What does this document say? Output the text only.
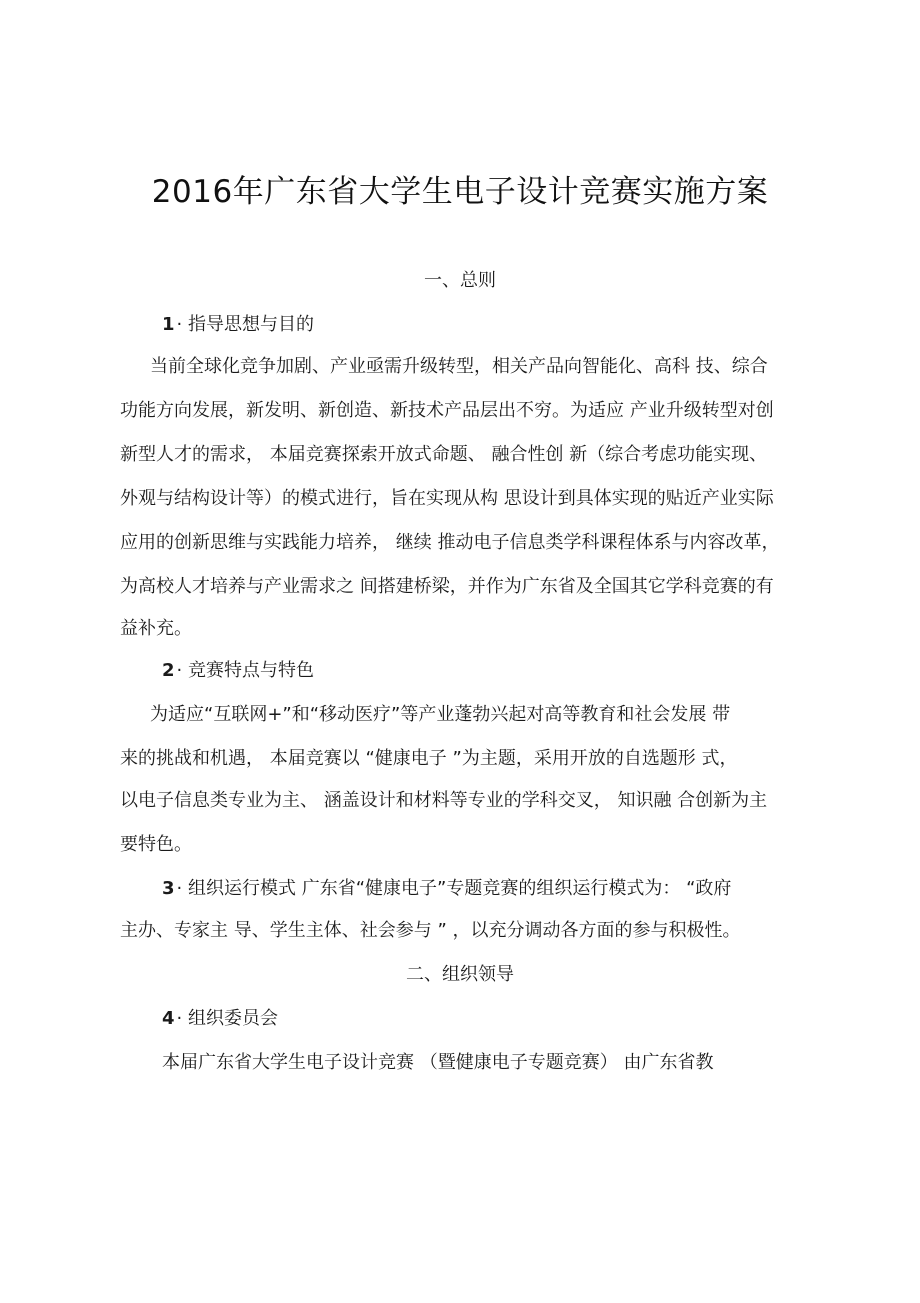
2016年广东省大学生电子设计竞赛实施方案
一、总则
1 · 指导思想与目的
当前全球化竞争加剧、产业亟需升级转型，相关产品向智能化、高科 技、综合
功能方向发展，新发明、新创造、新技术产品层出不穷。为适应 产业升级转型对创
新型人才的需求， 本届竞赛探索开放式命题、 融合性创 新（综合考虑功能实现、
外观与结构设计等）的模式进行，旨在实现从构 思设计到具体实现的贴近产业实际
应用的创新思维与实践能力培养， 继续 推动电子信息类学科课程体系与内容改革，
为高校人才培养与产业需求之 间搭建桥梁，并作为广东省及全国其它学科竞赛的有
益补充。
2 · 竞赛特点与特色
为适应“互联网+”和“移动医疗”等产业蓬勃兴起对高等教育和社会发展 带
来的挑战和机遇， 本届竞赛以 “健康电子 ”为主题，采用开放的自选题形 式，
以电子信息类专业为主、 涵盖设计和材料等专业的学科交叉， 知识融 合创新为主
要特色。
3 · 组织运行模式 广东省“健康电子”专题竞赛的组织运行模式为： “政府
主办、专家主 导、学生主体、社会参与 ” ，以充分调动各方面的参与积极性。
二、组织领导
4 · 组织委员会
本届广东省大学生电子设计竞赛 （暨健康电子专题竞赛） 由广东省教
